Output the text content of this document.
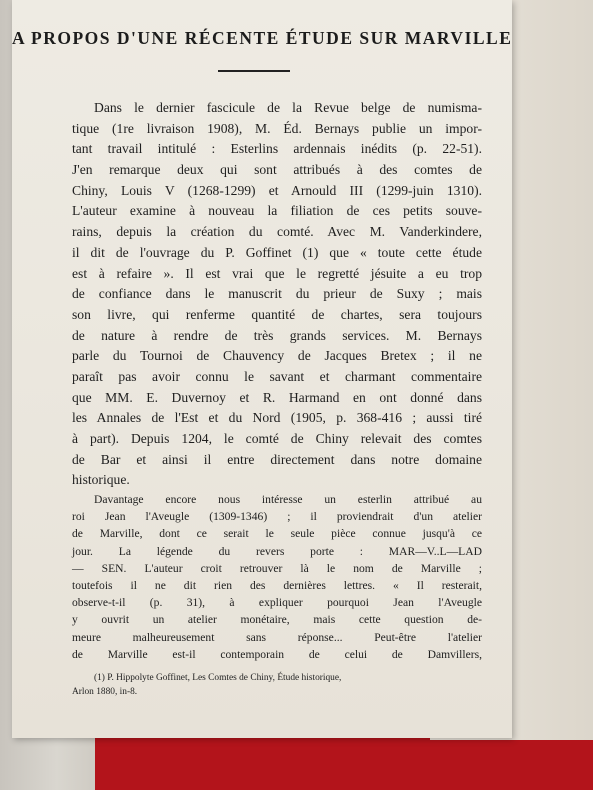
A PROPOS D'UNE RÉCENTE ÉTUDE SUR MARVILLE
Dans le dernier fascicule de la Revue belge de numisma-
tique (1re livraison 1908), M. Éd. Bernays publie un impor-
tant travail intitulé : Esterlins ardennais inédits (p. 22-51).
J'en remarque deux qui sont attribués à des comtes de
Chiny, Louis V (1268-1299) et Arnould III (1299-juin 1310).
L'auteur examine à nouveau la filiation de ces petits souve-
rains, depuis la création du comté. Avec M. Vanderkindere,
il dit de l'ouvrage du P. Goffinet (1) que « toute cette étude
est à refaire ». Il est vrai que le regretté jésuite a eu trop
de confiance dans le manuscrit du prieur de Suxy ; mais
son livre, qui renferme quantité de chartes, sera toujours
de nature à rendre de très grands services. M. Bernays
parle du Tournoi de Chauvency de Jacques Bretex ; il ne
paraît pas avoir connu le savant et charmant commentaire
que MM. E. Duvernoy et R. Harmand en ont donné dans
les Annales de l'Est et du Nord (1905, p. 368-416 ; aussi tiré
à part). Depuis 1204, le comté de Chiny relevait des comtes
de Bar et ainsi il entre directement dans notre domaine
historique.
Davantage encore nous intéresse un esterlin attribué au
roi Jean l'Aveugle (1309-1346) ; il proviendrait d'un atelier
de Marville, dont ce serait le seule pièce connue jusqu'à ce
jour. La légende du revers porte : MAR—V..L—LAD
— SEN. L'auteur croit retrouver là le nom de Marville ;
toutefois il ne dit rien des dernières lettres. « Il resterait,
observe-t-il (p. 31), à expliquer pourquoi Jean l'Aveugle
y ouvrit un atelier monétaire, mais cette question de-
meure malheureusement sans réponse... Peut-être l'atelier
de Marville est-il contemporain de celui de Damvillers,
(1) P. Hippolyte Goffinet, Les Comtes de Chiny, Étude historique,
Arlon 1880, in-8.
